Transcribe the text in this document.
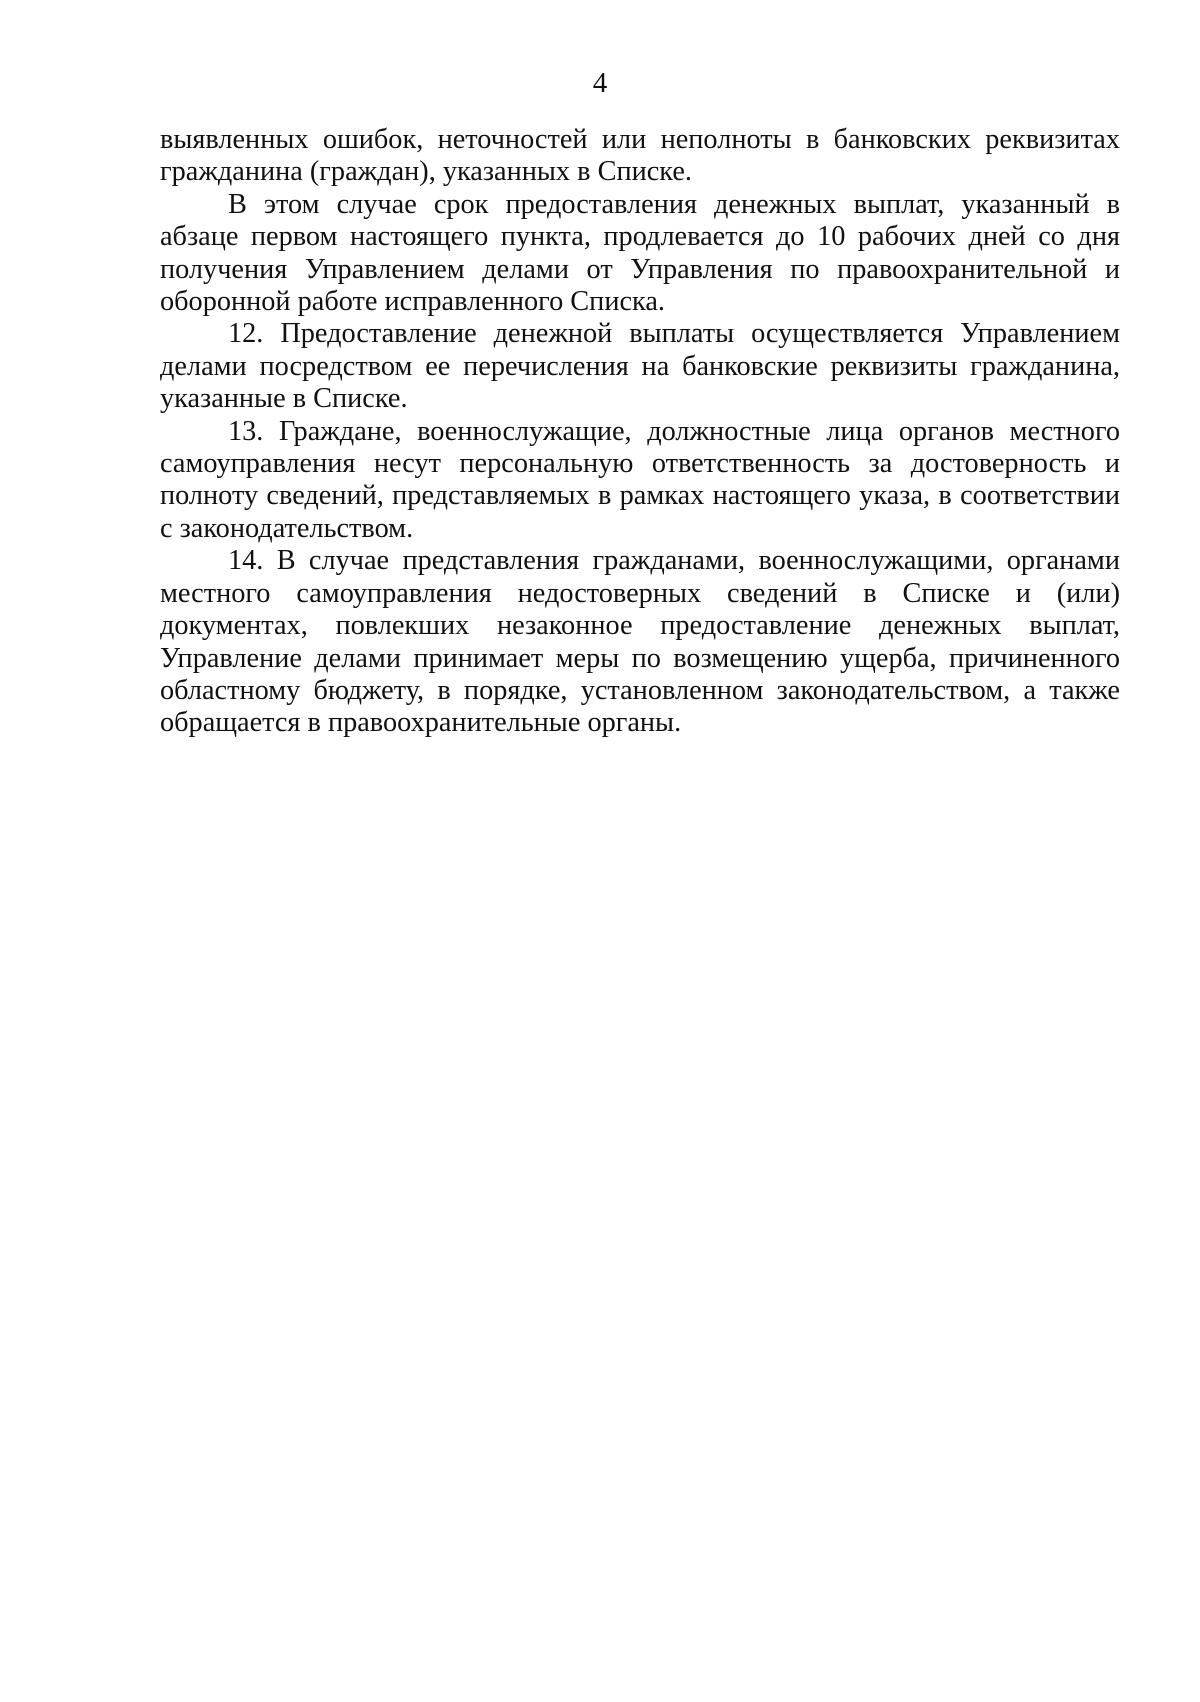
4

выявленных ошибок, неточностей или неполноты в банковских реквизитах гражданина (граждан), указанных в Списке.

В этом случае срок предоставления денежных выплат, указанный в абзаце первом настоящего пункта, продлевается до 10 рабочих дней со дня получения Управлением делами от Управления по правоохранительной и оборонной работе исправленного Списка.

12. Предоставление денежной выплаты осуществляется Управлением делами посредством ее перечисления на банковские реквизиты гражданина, указанные в Списке.

13. Граждане, военнослужащие, должностные лица органов местного самоуправления несут персональную ответственность за достоверность и полноту сведений, представляемых в рамках настоящего указа, в соответствии с законодательством.

14. В случае представления гражданами, военнослужащими, органами местного самоуправления недостоверных сведений в Списке и (или) документах, повлекших незаконное предоставление денежных выплат, Управление делами принимает меры по возмещению ущерба, причиненного областному бюджету, в порядке, установленном законодательством, а также обращается в правоохранительные органы.
